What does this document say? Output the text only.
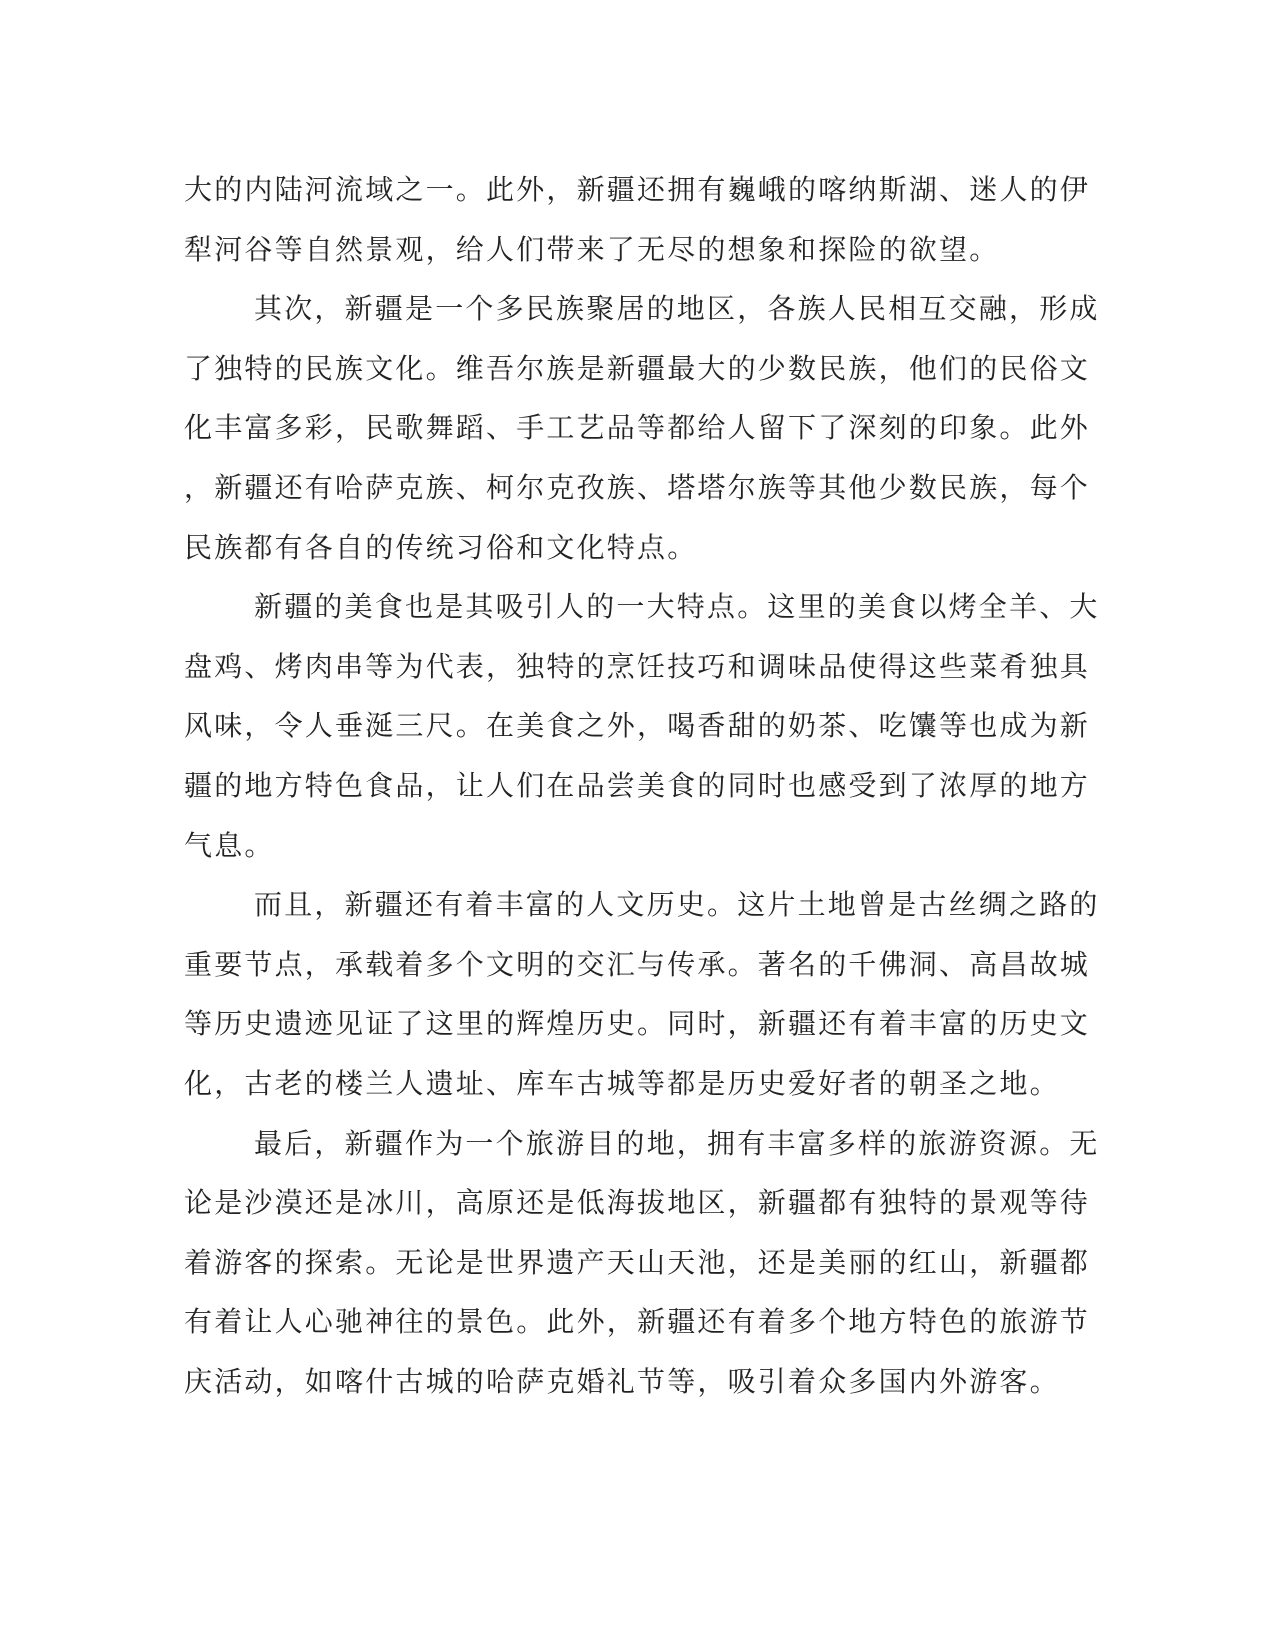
大的内陆河流域之一。此外，新疆还拥有巍峨的喀纳斯湖、迷人的伊
犁河谷等自然景观，给人们带来了无尽的想象和探险的欲望。
其次，新疆是一个多民族聚居的地区，各族人民相互交融，形成
了独特的民族文化。维吾尔族是新疆最大的少数民族，他们的民俗文
化丰富多彩，民歌舞蹈、手工艺品等都给人留下了深刻的印象。此外
，新疆还有哈萨克族、柯尔克孜族、塔塔尔族等其他少数民族，每个
民族都有各自的传统习俗和文化特点。
新疆的美食也是其吸引人的一大特点。这里的美食以烤全羊、大
盘鸡、烤肉串等为代表，独特的烹饪技巧和调味品使得这些菜肴独具
风味，令人垂涎三尺。在美食之外，喝香甜的奶茶、吃馕等也成为新
疆的地方特色食品，让人们在品尝美食的同时也感受到了浓厚的地方
气息。
而且，新疆还有着丰富的人文历史。这片土地曾是古丝绸之路的
重要节点，承载着多个文明的交汇与传承。著名的千佛洞、高昌故城
等历史遗迹见证了这里的辉煌历史。同时，新疆还有着丰富的历史文
化，古老的楼兰人遗址、库车古城等都是历史爱好者的朝圣之地。
最后，新疆作为一个旅游目的地，拥有丰富多样的旅游资源。无
论是沙漠还是冰川，高原还是低海拔地区，新疆都有独特的景观等待
着游客的探索。无论是世界遗产天山天池，还是美丽的红山，新疆都
有着让人心驰神往的景色。此外，新疆还有着多个地方特色的旅游节
庆活动，如喀什古城的哈萨克婚礼节等，吸引着众多国内外游客。
